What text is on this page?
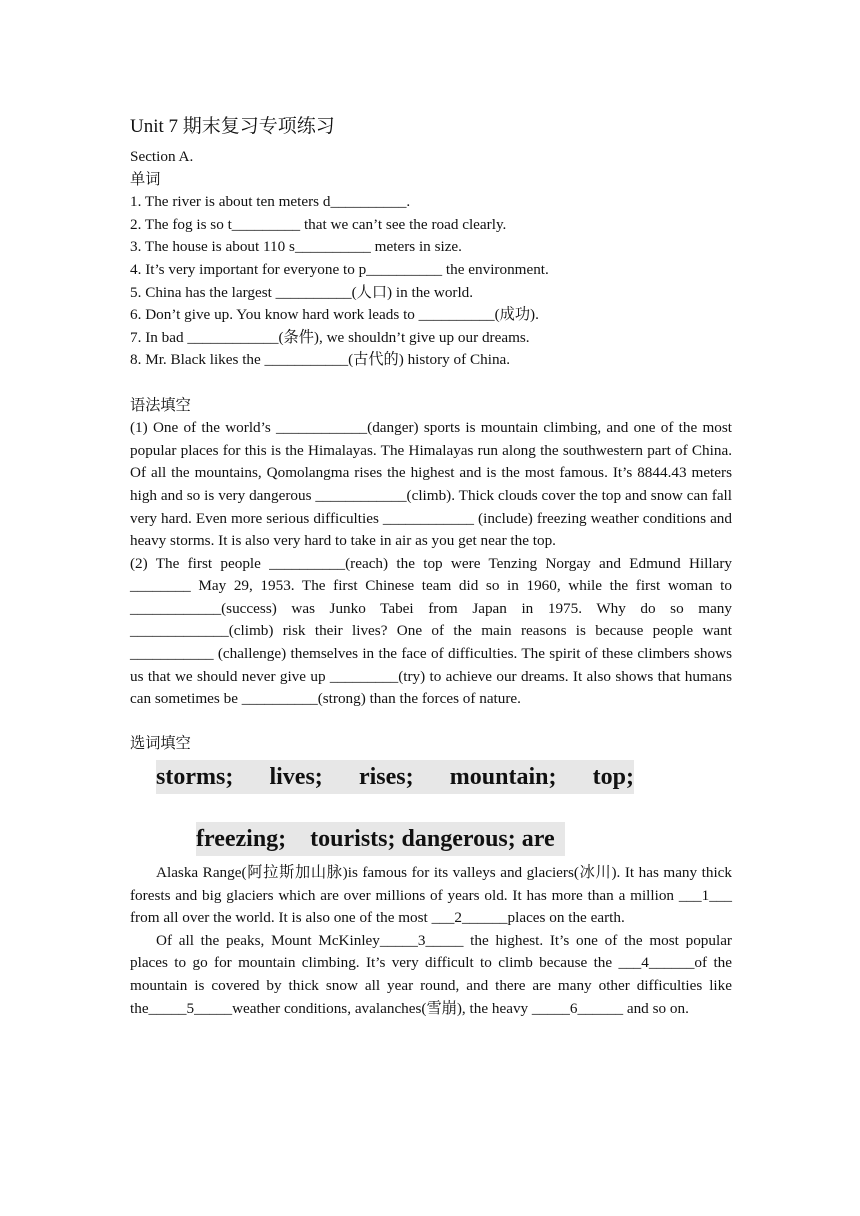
Unit 7 期末复习专项练习
Section A.
单词
1. The river is about ten meters d__________.
2. The fog is so t_________ that we can’t see the road clearly.
3. The house is about 110 s__________ meters in size.
4. It’s very important for everyone to p__________ the environment.
5. China has the largest __________(人口) in the world.
6. Don’t give up. You know hard work leads to __________(成功).
7. In bad ____________(条件), we shouldn’t give up our dreams.
8. Mr. Black likes the ___________(古代的) history of China.
语法填空
(1) One of the world’s ____________(danger) sports is mountain climbing, and one of the most popular places for this is the Himalayas. The Himalayas run along the southwestern part of China. Of all the mountains, Qomolangma rises the highest and is the most famous. It’s 8844.43 meters high and so is very dangerous ____________(climb). Thick clouds cover the top and snow can fall very hard. Even more serious difficulties ____________ (include) freezing weather conditions and heavy storms. It is also very hard to take in air as you get near the top.
(2) The first people __________(reach) the top were Tenzing Norgay and Edmund Hillary ________ May 29, 1953. The first Chinese team did so in 1960, while the first woman to ____________(success) was Junko Tabei from Japan in 1975. Why do so many _____________(climb) risk their lives? One of the main reasons is because people want ___________ (challenge) themselves in the face of difficulties. The spirit of these climbers shows us that we should never give up _________(try) to achieve our dreams. It also shows that humans can sometimes be __________(strong) than the forces of nature.
选词填空
storms; lives; rises; mountain; top;

freezing;    tourists; dangerous; are
Alaska Range(阿拉斯加山脉)is famous for its valleys and glaciers(冰川). It has many thick forests and big glaciers which are over millions of years old. It has more than a million ___1___ from all over the world. It is also one of the most ___2______places on the earth.
Of all the peaks, Mount McKinley_____3_____ the highest. It’s one of the most popular places to go for mountain climbing. It’s very difficult to climb because the ___4______of the mountain is covered by thick snow all year round, and there are many other difficulties like the_____5_____weather conditions, avalanches(雪崩), the heavy _____6______ and so on.
